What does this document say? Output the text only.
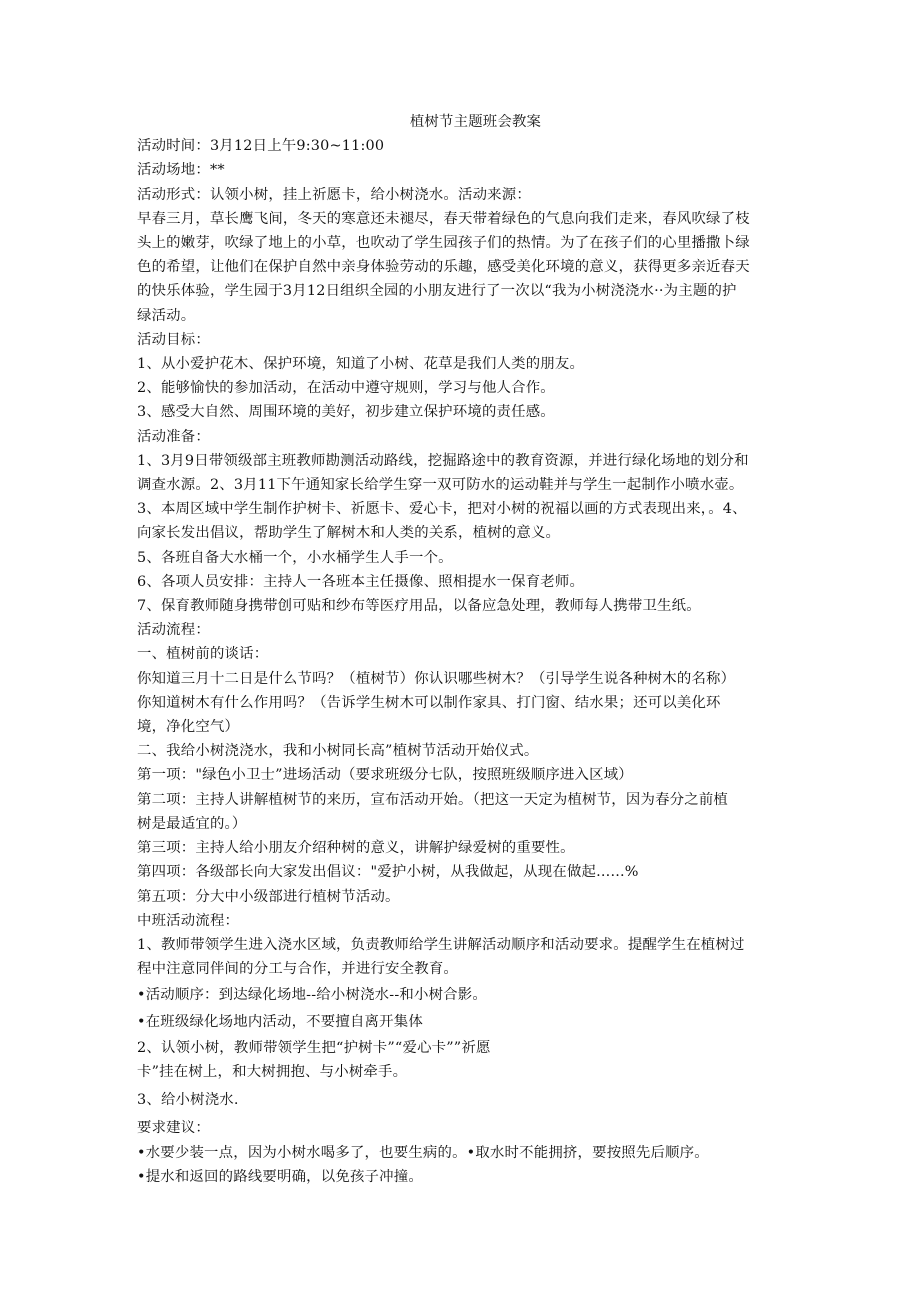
植树节主题班会教案
活动时间：3月12日上午9:30~11:00
活动场地：**
活动形式：认领小树，挂上祈愿卡，给小树浇水。活动来源：
早春三月，草长鹰飞间，冬天的寒意还未褪尽，春天带着绿色的气息向我们走来，春风吹绿了枝
头上的嫩芽，吹绿了地上的小草，也吹动了学生园孩子们的热情。为了在孩子们的心里播撒卜绿
色的希望，让他们在保护自然中亲身体验劳动的乐趣，感受美化环境的意义，获得更多亲近春天
的快乐体验，学生园于3月12日组织全园的小朋友进行了一次以“我为小树浇浇水··为主题的护
绿活动。
活动目标：
1、从小爱护花木、保护环境，知道了小树、花草是我们人类的朋友。
2、能够愉快的参加活动，在活动中遵守规则，学习与他人合作。
3、感受大自然、周围环境的美好，初步建立保护环境的责任感。
活动准备：
1、3月9日带领级部主班教师勘测活动路线，挖掘路途中的教育资源，并进行绿化场地的划分和
调查水源。2、3月11下午通知家长给学生穿一双可防水的运动鞋并与学生一起制作小喷水壶。
3、本周区域中学生制作护树卡、祈愿卡、爱心卡，把对小树的祝福以画的方式表现出来，。4、
向家长发出倡议，帮助学生了解树木和人类的关系，植树的意义。
5、各班自备大水桶一个，小水桶学生人手一个。
6、各项人员安排：主持人一各班本主任摄像、照相提水一保育老师。
7、保育教师随身携带创可贴和纱布等医疗用品，以备应急处理，教师每人携带卫生纸。
活动流程：
一、植树前的谈话：
你知道三月十二日是什么节吗？（植树节）你认识哪些树木？（引导学生说各种树木的名称）
你知道树木有什么作用吗？（告诉学生树木可以制作家具、打门窗、结水果；还可以美化环
境，净化空气）
二、我给小树浇浇水，我和小树同长高”植树节活动开始仪式。
第一项："绿色小卫士”进场活动（要求班级分七队，按照班级顺序进入区域）
第二项：主持人讲解植树节的来历，宣布活动开始。（把这一天定为植树节，因为春分之前植
树是最适宜的。）
第三项：主持人给小朋友介绍种树的意义，讲解护绿爱树的重要性。
第四项：各级部长向大家发出倡议："爱护小树，从我做起，从现在做起......%
第五项：分大中小级部进行植树节活动。
中班活动流程：
1、教师带领学生进入浇水区域，负责教师给学生讲解活动顺序和活动要求。提醒学生在植树过
程中注意同伴间的分工与合作，并进行安全教育。
•活动顺序：到达绿化场地--给小树浇水--和小树合影。
•在班级绿化场地内活动，不要擅自离开集体
2、认领小树，教师带领学生把“护树卡”“爱心卡””祈愿
卡”挂在树上，和大树拥抱、与小树牵手。
3、给小树浇水.
要求建议：
•水要少装一点，因为小树水喝多了，也要生病的。•取水时不能拥挤，要按照先后顺序。
•提水和返回的路线要明确，以免孩子冲撞。
